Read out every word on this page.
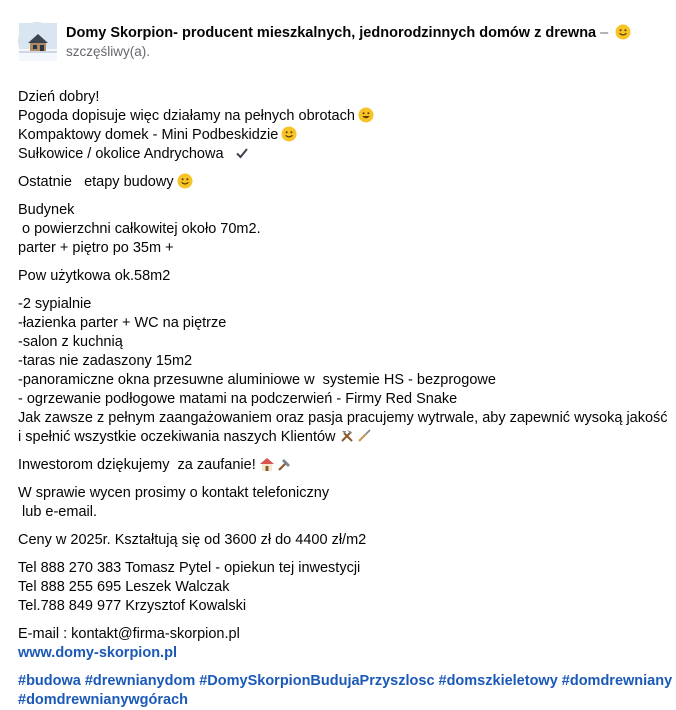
Domy Skorpion- producent mieszkalnych, jednorodzinnych domów z drewna –
szczęśliwy(a).
Dzień dobry!
Pogoda dopisuje więc działamy na pełnych obrotach
Kompaktowy domek - Mini Podbeskidzie
Sułkowice / okolice Andrychowa
Ostatnie   etapy budowy
Budynek
o powierzchni całkowitej około 70m2.
parter + piętro po 35m +
Pow użytkowa ok.58m2
-2 sypialnie
-łazienka parter + WC na piętrze
-salon z kuchnią
-taras nie zadaszony 15m2
-panoramiczne okna przesuwne aluminiowe w  systemie HS - bezprogowe
- ogrzewanie podłogowe matami na podczerwień - Firmy Red Snake
Jak zawsze z pełnym zaangażowaniem oraz pasja pracujemy wytrwale, aby zapewnić wysoką jakość
i spełnić wszystkie oczekiwania naszych Klientów
Inwestorom dziękujemy  za zaufanie!
W sprawie wycen prosimy o kontakt telefoniczny
lub e-email.
Ceny w 2025r. Kształtują się od 3600 zł do 4400 zł/m2
Tel 888 270 383 Tomasz Pytel - opiekun tej inwestycji
Tel 888 255 695 Leszek Walczak
Tel.788 849 977 Krzysztof Kowalski
E-mail : kontakt@firma-skorpion.pl
www.domy-skorpion.pl
#budowa #drewnianydom #DomySkorpionBudujaPrzyszlosc #domszkieletowy #domdrewniany
#domdrewnianywgórach
